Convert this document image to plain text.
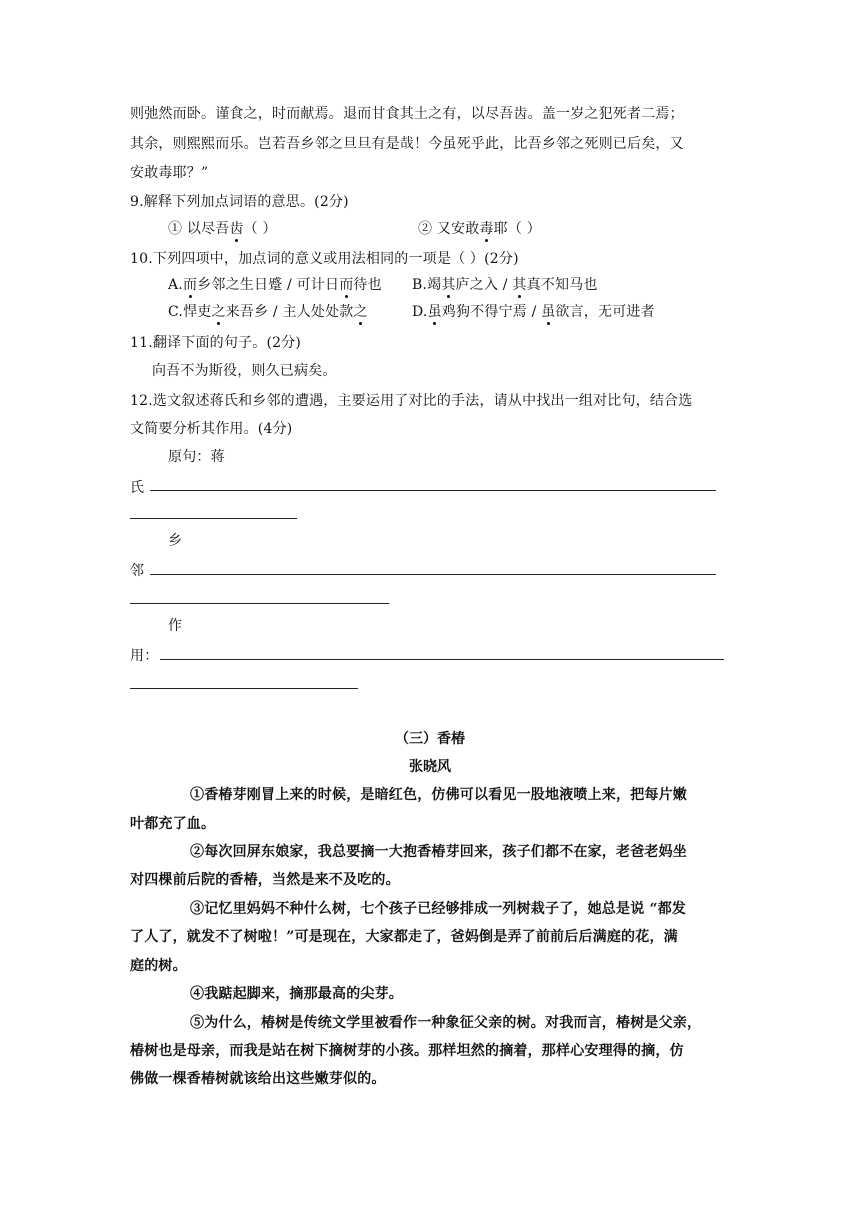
则弛然而卧。谨食之，时而献焉。退而甘食其土之有，以尽吾齿。盖一岁之犯死者二焉；
其余，则熙熙而乐。岂若吾乡邻之旦旦有是哉！今虽死乎此，比吾乡邻之死则已后矣，又
安敢毒耶？”
9.解释下列加点词语的意思。(2分)
① 以尽吾齿（ ）	② 又安敢毒耶（ ）
10.下列四项中，加点词的意义或用法相同的一项是（ ）(2分)
A.而乡邻之生日蹙 / 可计日而待也 B.竭其庐之入 / 其真不知马也
C.悍吏之来吾乡 / 主人处处款之	D.虽鸡狗不得宁焉 / 虽欲言，无可进者
11.翻译下面的句子。(2分)
向吾不为斯役，则久已病矣。
12.选文叙述蒋氏和乡邻的遭遇，主要运用了对比的手法，请从中找出一组对比句，结合选
文简要分析其作用。(4分)
原句：蒋
氏
乡
邻
作
用：
（三）香椿
张晓风
①香椿芽刚冒上来的时候，是暗红色，仿佛可以看见一股地液喷上来，把每片嫩
叶都充了血。
②每次回屏东娘家，我总要摘一大抱香椿芽回来，孩子们都不在家，老爸老妈坐
对四棵前后院的香椿，当然是来不及吃的。
③记忆里妈妈不种什么树，七个孩子已经够排成一列树栽子了，她总是说 “都发
了人了，就发不了树啦！”可是现在，大家都走了，爸妈倒是弄了前前后后满庭的花，满
庭的树。
④我踮起脚来，摘那最高的尖芽。
⑤为什么，椿树是传统文学里被看作一种象征父亲的树。对我而言，椿树是父亲，
椿树也是母亲，而我是站在树下摘树芽的小孩。那样坦然的摘着，那样心安理得的摘，仿
佛做一棵香椿树就该给出这些嫩芽似的。
